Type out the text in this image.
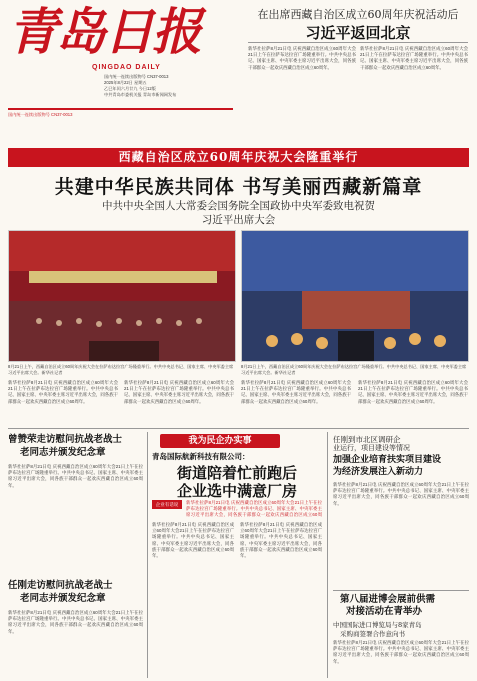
青岛日报
QINGDAO DAILY
国内统一连续出版物号 CN37-0013
2025年8月22日 星期五
乙巳年闰六月廿九 今日12版
中共青岛市委机关报 青岛市新闻网发布
国内统一连续出版物号 CN37-0013
在出席西藏自治区成立60周年庆祝活动后
习近平返回北京
新华社拉萨8月21日电 庆祝西藏自治区成立60周年大会21日上午在拉萨布达拉宫广场隆重举行。中共中央总书记、国家主席、中央军委主席习近平出席大会，同各族干部群众一起欢庆西藏自治区成立60周年。
新华社拉萨8月21日电 庆祝西藏自治区成立60周年大会21日上午在拉萨布达拉宫广场隆重举行。中共中央总书记、国家主席、中央军委主席习近平出席大会，同各族干部群众一起欢庆西藏自治区成立60周年。
西藏自治区成立60周年庆祝大会隆重举行
共建中华民族共同体 书写美丽西藏新篇章
中共中央全国人大常委会国务院全国政协中央军委致电祝贺
习近平出席大会
8月21日上午，西藏自治区成立60周年庆祝大会在拉萨布达拉宫广场隆重举行。中共中央总书记、国家主席、中央军委主席习近平出席大会。新华社记者
8月21日上午，西藏自治区成立60周年庆祝大会在拉萨布达拉宫广场隆重举行。中共中央总书记、国家主席、中央军委主席习近平出席大会。新华社记者
新华社拉萨8月21日电 庆祝西藏自治区成立60周年大会21日上午在拉萨布达拉宫广场隆重举行。中共中央总书记、国家主席、中央军委主席习近平出席大会，同各族干部群众一起欢庆西藏自治区成立60周年。
新华社拉萨8月21日电 庆祝西藏自治区成立60周年大会21日上午在拉萨布达拉宫广场隆重举行。中共中央总书记、国家主席、中央军委主席习近平出席大会，同各族干部群众一起欢庆西藏自治区成立60周年。
新华社拉萨8月21日电 庆祝西藏自治区成立60周年大会21日上午在拉萨布达拉宫广场隆重举行。中共中央总书记、国家主席、中央军委主席习近平出席大会，同各族干部群众一起欢庆西藏自治区成立60周年。
新华社拉萨8月21日电 庆祝西藏自治区成立60周年大会21日上午在拉萨布达拉宫广场隆重举行。中共中央总书记、国家主席、中央军委主席习近平出席大会，同各族干部群众一起欢庆西藏自治区成立60周年。
曾赞荣走访慰问抗战老战士
老同志并颁发纪念章
新华社拉萨8月21日电 庆祝西藏自治区成立60周年大会21日上午在拉萨布达拉宫广场隆重举行。中共中央总书记、国家主席、中央军委主席习近平出席大会，同各族干部群众一起欢庆西藏自治区成立60周年。
任刚走访慰问抗战老战士
老同志并颁发纪念章
新华社拉萨8月21日电 庆祝西藏自治区成立60周年大会21日上午在拉萨布达拉宫广场隆重举行。中共中央总书记、国家主席、中央军委主席习近平出席大会，同各族干部群众一起欢庆西藏自治区成立60周年。
我为民企办实事
青岛国际航新科技有限公司：
街道陪着忙前跑后
企业选中满意厂房
企业有话说	新华社拉萨8月21日电 庆祝西藏自治区成立60周年大会21日上午在拉萨布达拉宫广场隆重举行。中共中央总书记、国家主席、中央军委主席习近平出席大会，同各族干部群众一起欢庆西藏自治区成立60周
新华社拉萨8月21日电 庆祝西藏自治区成立60周年大会21日上午在拉萨布达拉宫广场隆重举行。中共中央总书记、国家主席、中央军委主席习近平出席大会，同各族干部群众一起欢庆西藏自治区成立60周年。
新华社拉萨8月21日电 庆祝西藏自治区成立60周年大会21日上午在拉萨布达拉宫广场隆重举行。中共中央总书记、国家主席、中央军委主席习近平出席大会，同各族干部群众一起欢庆西藏自治区成立60周年。
任刚到市北区调研企
业运行，项目建设等情况
加强企业培育扶实项目建设
为经济发展注入新动力
新华社拉萨8月21日电 庆祝西藏自治区成立60周年大会21日上午在拉萨布达拉宫广场隆重举行。中共中央总书记、国家主席、中央军委主席习近平出席大会，同各族干部群众一起欢庆西藏自治区成立60周年。
第八届进博会展前供需
对接活动在青举办
中国国际进口博览局与8家青岛
采购商签署合作意向书
新华社拉萨8月21日电 庆祝西藏自治区成立60周年大会21日上午在拉萨布达拉宫广场隆重举行。中共中央总书记、国家主席、中央军委主席习近平出席大会，同各族干部群众一起欢庆西藏自治区成立60周年。
